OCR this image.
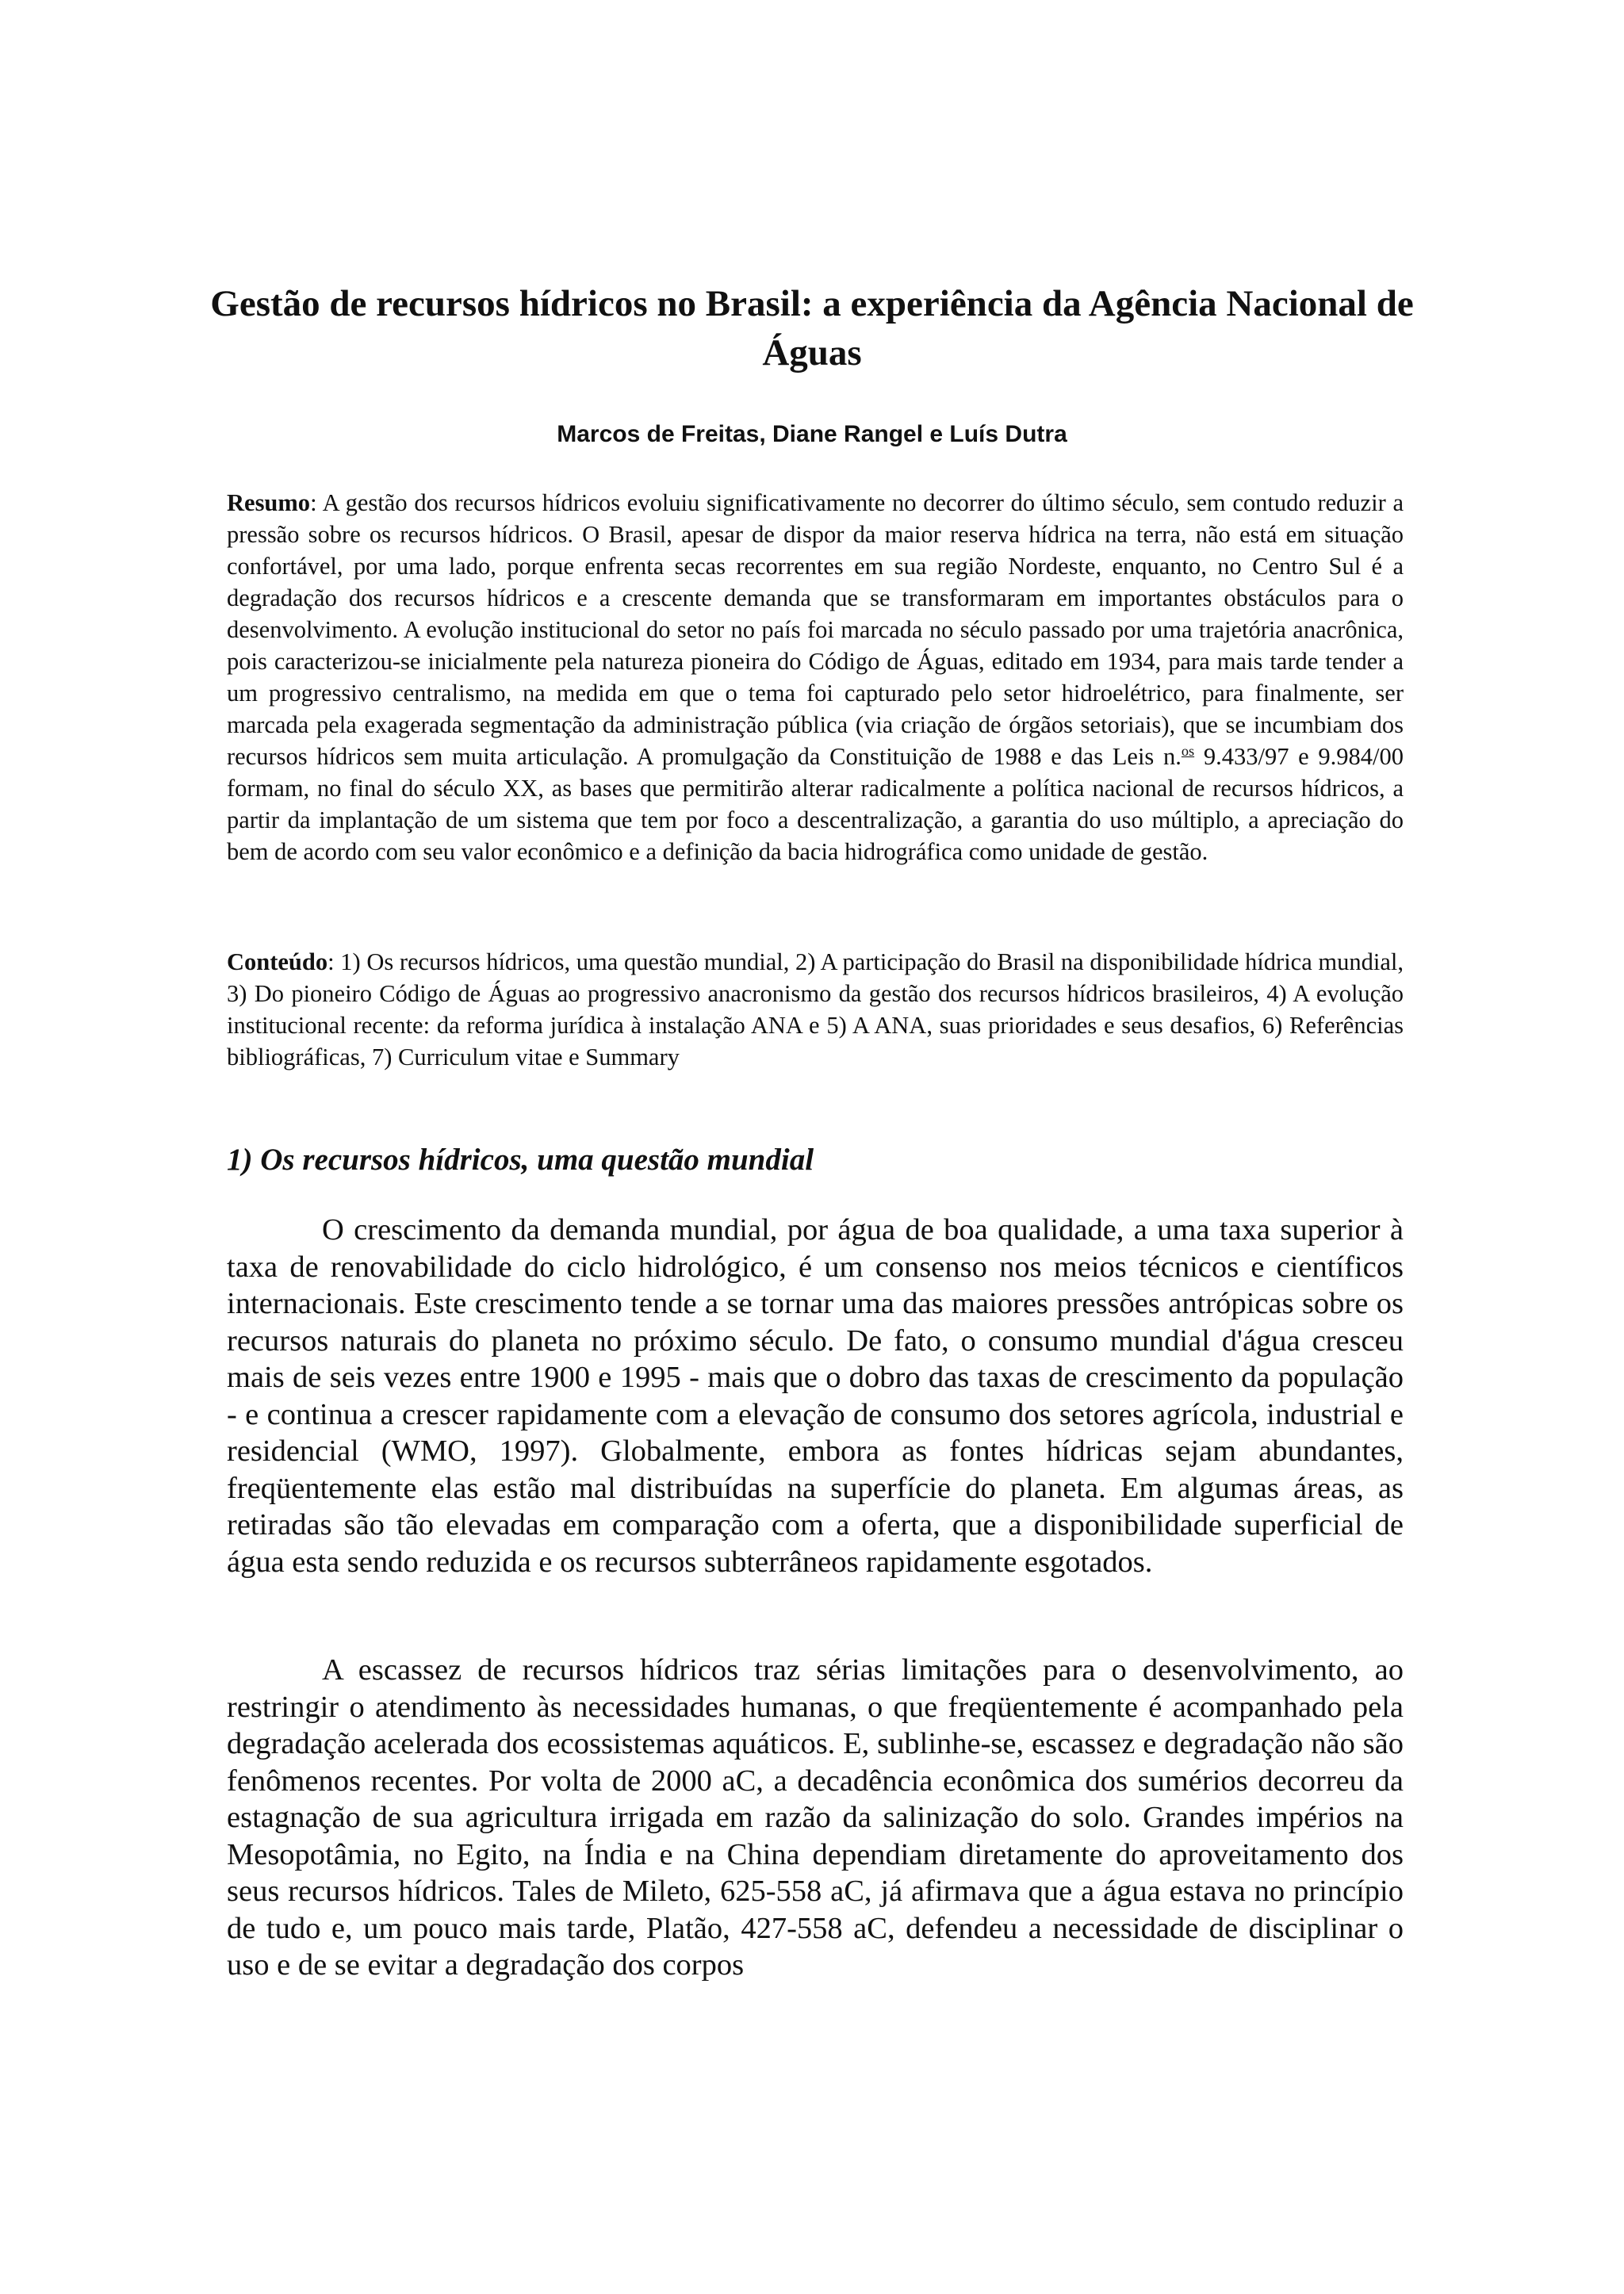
Gestão de recursos hídricos no Brasil: a experiência da Agência Nacional de Águas

Marcos de Freitas, Diane Rangel e Luís Dutra

Resumo: A gestão dos recursos hídricos evoluiu significativamente no decorrer do último século, sem contudo reduzir a pressão sobre os recursos hídricos. O Brasil, apesar de dispor da maior reserva hídrica na terra, não está em situação confortável, por uma lado, porque enfrenta secas recorrentes em sua região Nordeste, enquanto, no Centro Sul é a degradação dos recursos hídricos e a crescente demanda que se transformaram em importantes obstáculos para o desenvolvimento. A evolução institucional do setor no país foi marcada no século passado por uma trajetória anacrônica, pois caracterizou-se inicialmente pela natureza pioneira do Código de Águas, editado em 1934, para mais tarde tender a um progressivo centralismo, na medida em que o tema foi capturado pelo setor hidroelétrico, para finalmente, ser marcada pela exagerada segmentação da administração pública (via criação de órgãos setoriais), que se incumbiam dos recursos hídricos sem muita articulação. A promulgação da Constituição de 1988 e das Leis n.$^{os}$ 9.433/97 e 9.984/00 formam, no final do século XX, as bases que permitirão alterar radicalmente a política nacional de recursos hídricos, a partir da implantação de um sistema que tem por foco a descentralização, a garantia do uso múltiplo, a apreciação do bem de acordo com seu valor econômico e a definição da bacia hidrográfica como unidade de gestão.

Conteúdo: 1) Os recursos hídricos, uma questão mundial, 2) A participação do Brasil na disponibilidade hídrica mundial, 3) Do pioneiro Código de Águas ao progressivo anacronismo da gestão dos recursos hídricos brasileiros, 4) A evolução institucional recente: da reforma jurídica à instalação ANA e 5) A ANA, suas prioridades e seus desafios, 6) Referências bibliográficas, 7) Curriculum vitae e Summary

1) Os recursos hídricos, uma questão mundial

O crescimento da demanda mundial, por água de boa qualidade, a uma taxa superior à taxa de renovabilidade do ciclo hidrológico, é um consenso nos meios técnicos e científicos internacionais. Este crescimento tende a se tornar uma das maiores pressões antrópicas sobre os recursos naturais do planeta no próximo século. De fato, o consumo mundial d'água cresceu mais de seis vezes entre 1900 e 1995 - mais que o dobro das taxas de crescimento da população - e continua a crescer rapidamente com a elevação de consumo dos setores agrícola, industrial e residencial (WMO, 1997). Globalmente, embora as fontes hídricas sejam abundantes, freqüentemente elas estão mal distribuídas na superfície do planeta. Em algumas áreas, as retiradas são tão elevadas em comparação com a oferta, que a disponibilidade superficial de água esta sendo reduzida e os recursos subterrâneos rapidamente esgotados.

A escassez de recursos hídricos traz sérias limitações para o desenvolvimento, ao restringir o atendimento às necessidades humanas, o que freqüentemente é acompanhado pela degradação acelerada dos ecossistemas aquáticos. E, sublinhe-se, escassez e degradação não são fenômenos recentes. Por volta de 2000 aC, a decadência econômica dos sumérios decorreu da estagnação de sua agricultura irrigada em razão da salinização do solo. Grandes impérios na Mesopotâmia, no Egito, na Índia e na China dependiam diretamente do aproveitamento dos seus recursos hídricos. Tales de Mileto, 625-558 aC, já afirmava que a água estava no princípio de tudo e, um pouco mais tarde, Platão, 427-558 aC, defendeu a necessidade de disciplinar o uso e de se evitar a degradação dos corpos
